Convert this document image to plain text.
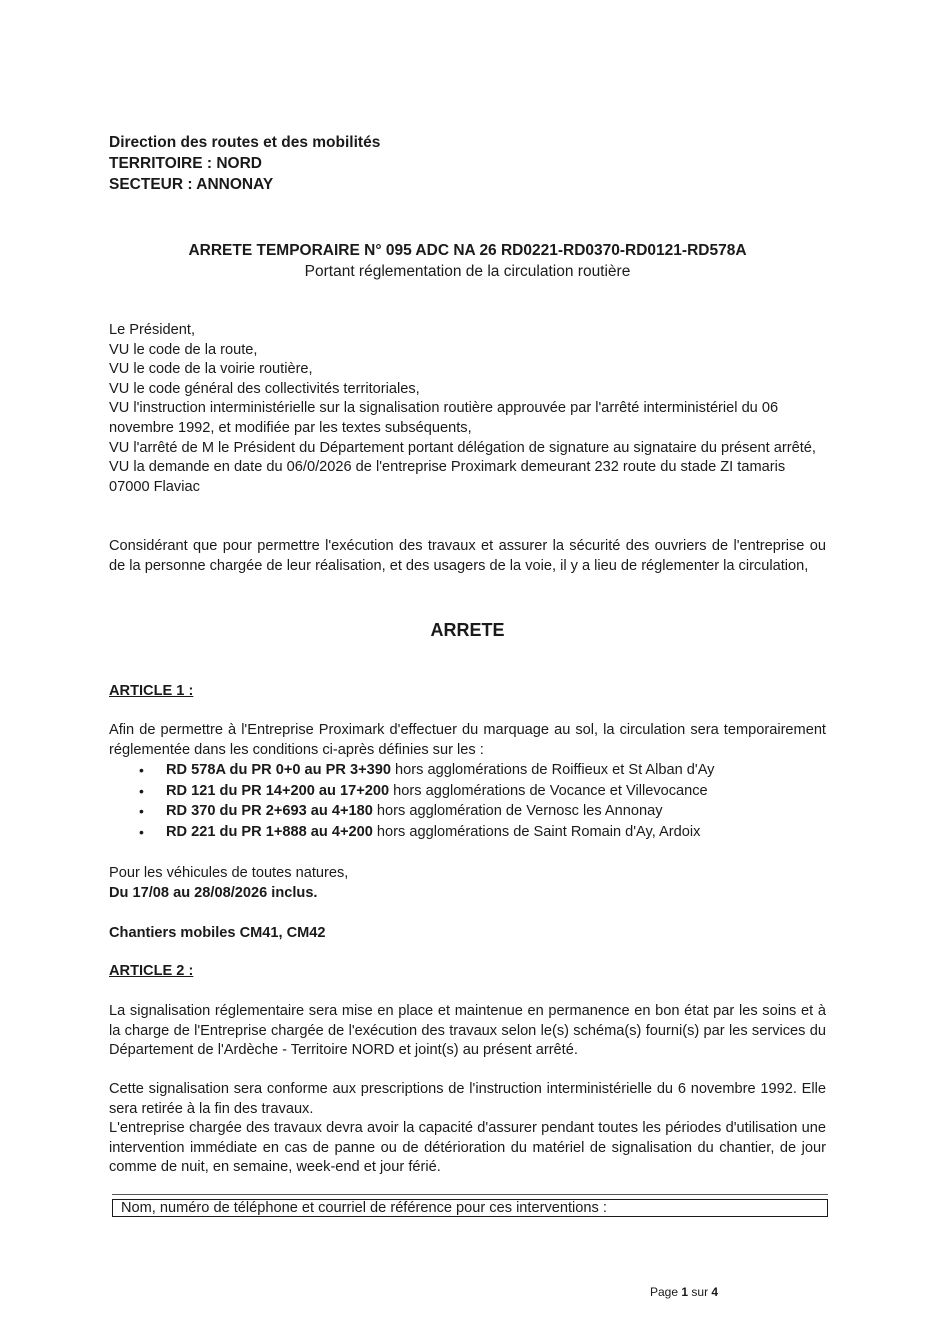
Direction des routes et des mobilités
TERRITOIRE : NORD
SECTEUR : ANNONAY
ARRETE TEMPORAIRE N° 095 ADC NA 26 RD0221-RD0370-RD0121-RD578A
Portant réglementation de la circulation routière

Le Président,

VU le code de la route,

VU le code de la voirie routière,

VU le code général des collectivités territoriales,

VU l'instruction interministérielle sur la signalisation routière approuvée par l'arrêté interministériel du 06 novembre 1992, et modifiée par les textes subséquents,

VU l'arrêté de M le Président du Département portant délégation de signature au signataire du présent arrêté,

VU la demande en date du 06/0/2026 de l'entreprise Proximark demeurant 232 route du stade ZI tamaris 07000 Flaviac

Considérant que pour permettre l'exécution des travaux et assurer la sécurité des ouvriers de l'entreprise ou de la personne chargée de leur réalisation, et des usagers de la voie, il y a lieu de réglementer la circulation,

ARRETE
ARTICLE 1 :

Afin de permettre à l'Entreprise Proximark d'effectuer du marquage au sol, la circulation sera temporairement réglementée dans les conditions ci-après définies sur les :

• RD 578A du PR 0+0 au PR 3+390 hors agglomérations de Roiffieux et St Alban d'Ay
• RD 121 du PR 14+200 au 17+200 hors agglomérations de Vocance et Villevocance
• RD 370 du PR 2+693 au 4+180 hors agglomération de Vernosc les Annonay
• RD 221 du PR 1+888 au 4+200 hors agglomérations de Saint Romain d'Ay, Ardoix

Pour les véhicules de toutes natures,

Du 17/08 au 28/08/2026 inclus.

Chantiers mobiles CM41, CM42

ARTICLE 2 :

La signalisation réglementaire sera mise en place et maintenue en permanence en bon état par les soins et à la charge de l'Entreprise chargée de l'exécution des travaux selon le(s) schéma(s) fourni(s) par les services du Département de l'Ardèche - Territoire NORD et joint(s) au présent arrêté.

Cette signalisation sera conforme aux prescriptions de l'instruction interministérielle du 6 novembre 1992. Elle sera retirée à la fin des travaux.

L'entreprise chargée des travaux devra avoir la capacité d'assurer pendant toutes les périodes d'utilisation une intervention immédiate en cas de panne ou de détérioration du matériel de signalisation du chantier, de jour comme de nuit, en semaine, week-end et jour férié.

Nom, numéro de téléphone et courriel de référence pour ces interventions :
Page 1 sur 4
